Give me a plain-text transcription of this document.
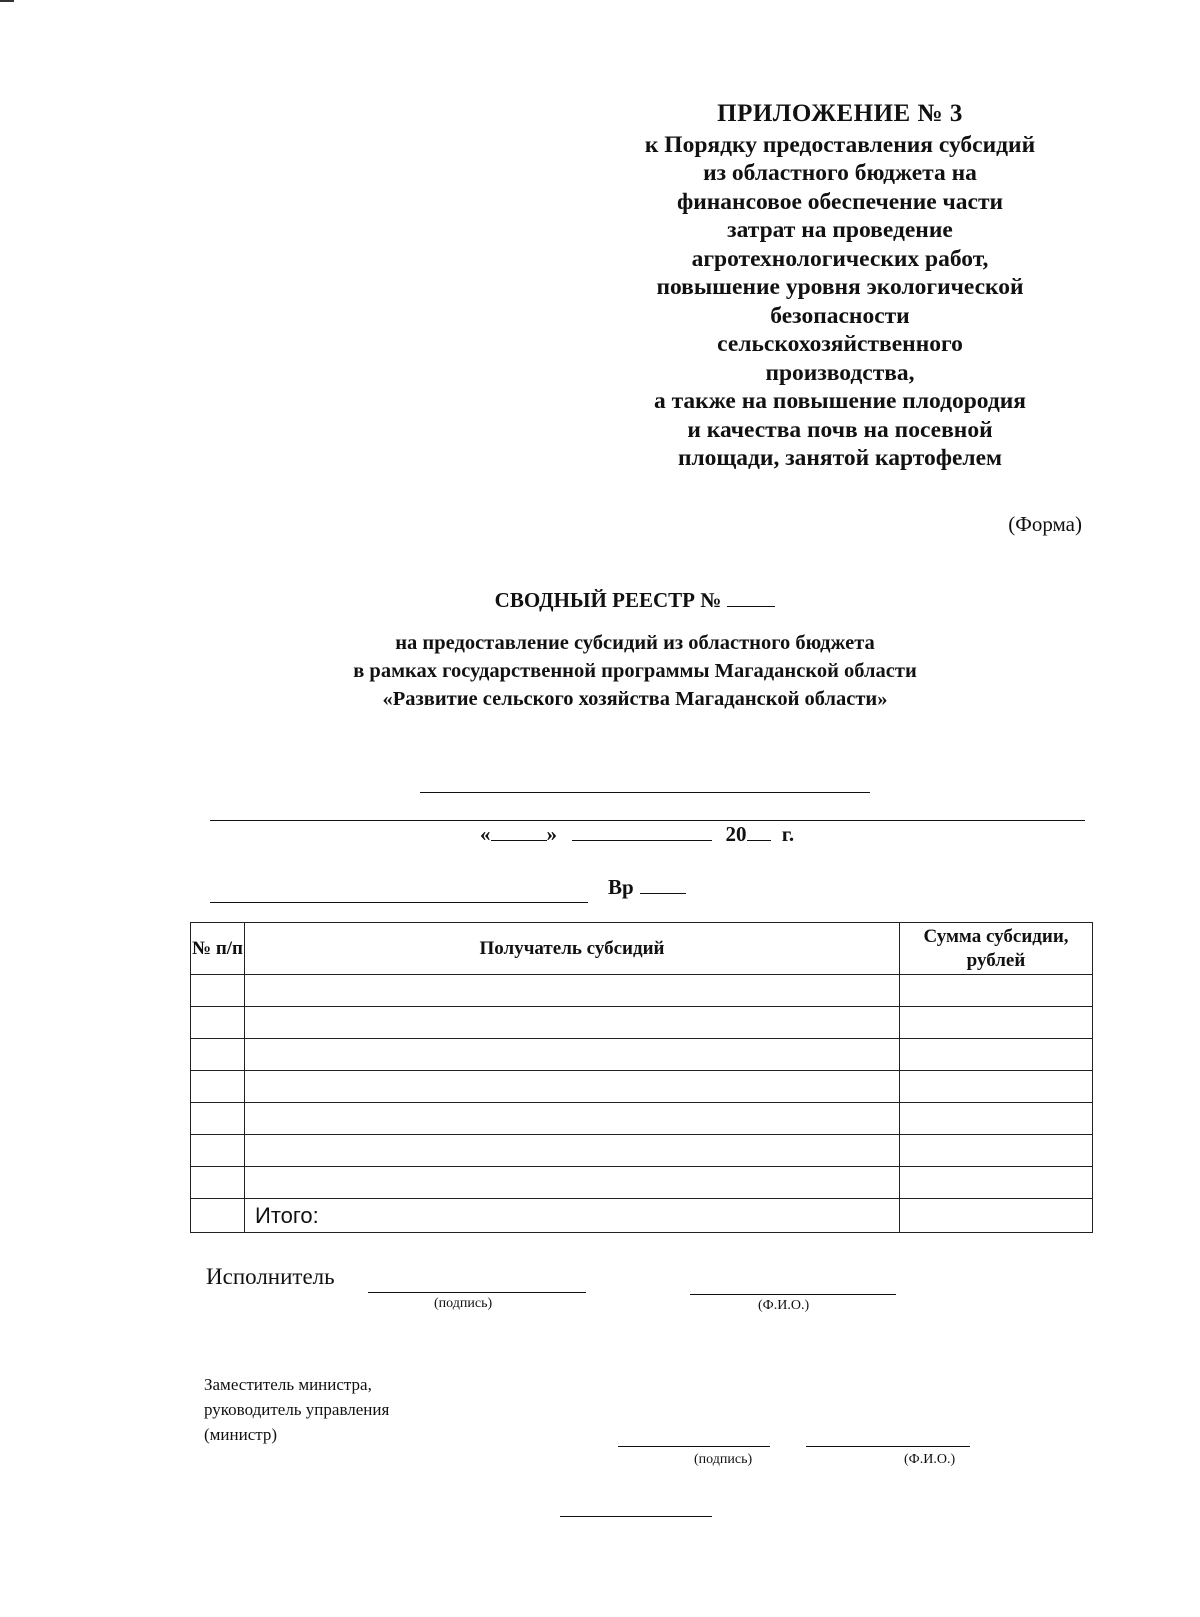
ПРИЛОЖЕНИЕ № 3
к Порядку предоставления субсидий
из областного бюджета на
финансовое обеспечение части
затрат на проведение
агротехнологических работ,
повышение уровня экологической
безопасности
сельскохозяйственного
производства,
а также на повышение плодородия
и качества почв на посевной
площади, занятой картофелем
(Форма)
СВОДНЫЙ РЕЕСТР №
на предоставление субсидий из областного бюджета
в рамках государственной программы Магаданской области
«Развитие сельского хозяйства Магаданской области»
«	»	20 г.
Вр
№ п/п	Получатель субсидий	Сумма субсидии, рублей

	Итого:	
Исполнитель
(подпись)	(Ф.И.О.)
Заместитель министра,
руководитель управления
(министр)
(подпись)	(Ф.И.О.)
